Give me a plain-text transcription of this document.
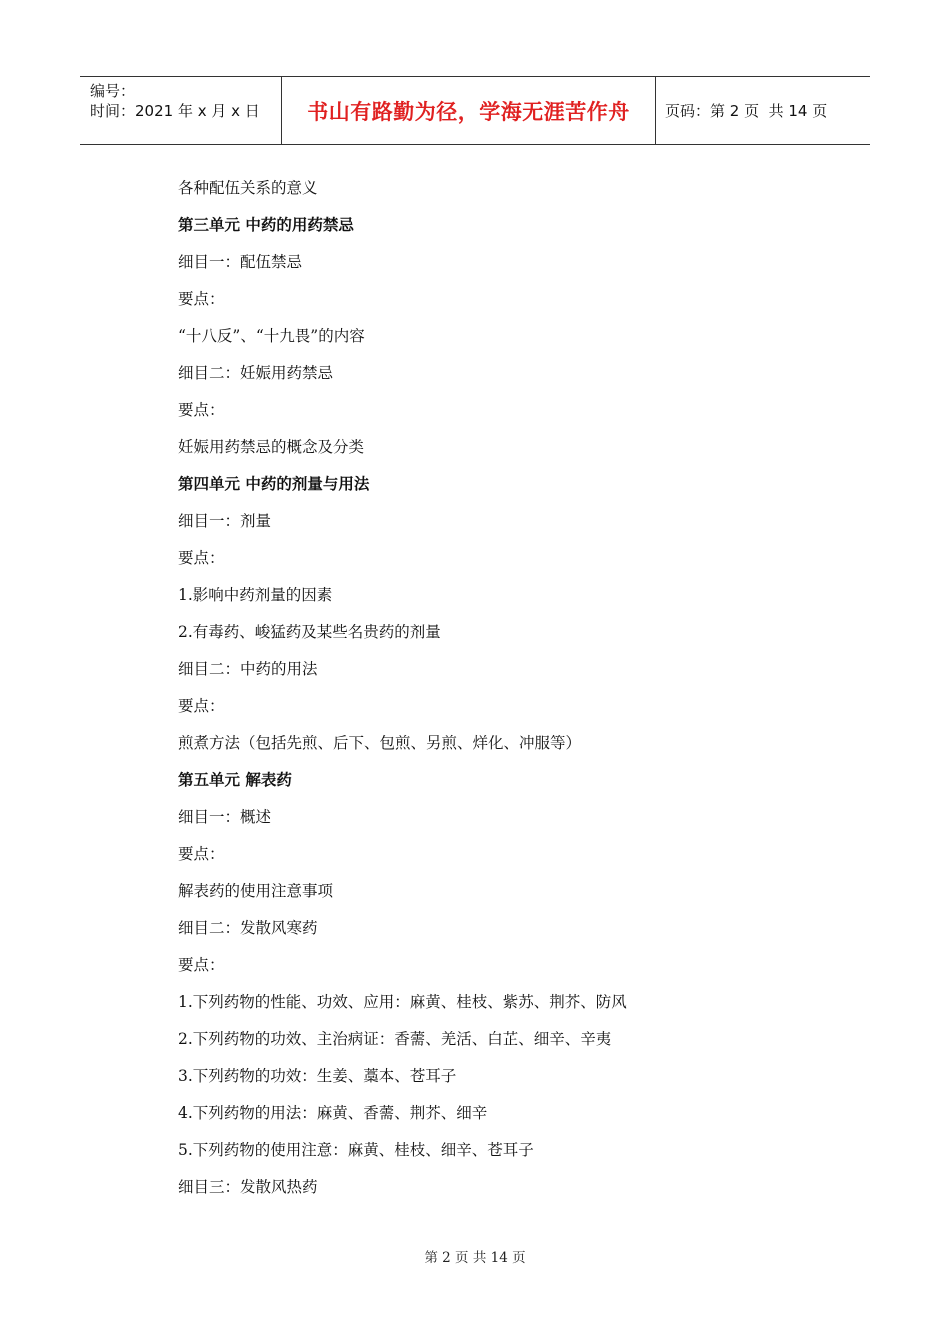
编号：
时间：2021 年 x 月 x 日	书山有路勤为径，学海无涯苦作舟	页码：第 2 页  共 14 页
各种配伍关系的意义
第三单元 中药的用药禁忌
细目一：配伍禁忌
要点：
“十八反”、“十九畏”的内容
细目二：妊娠用药禁忌
要点：
妊娠用药禁忌的概念及分类
第四单元 中药的剂量与用法
细目一：剂量
要点：
1.影响中药剂量的因素
2.有毒药、峻猛药及某些名贵药的剂量
细目二：中药的用法
要点：
煎煮方法（包括先煎、后下、包煎、另煎、烊化、冲服等）
第五单元 解表药
细目一：概述
要点：
解表药的使用注意事项
细目二：发散风寒药
要点：
1.下列药物的性能、功效、应用：麻黄、桂枝、紫苏、荆芥、防风
2.下列药物的功效、主治病证：香薷、羌活、白芷、细辛、辛夷
3.下列药物的功效：生姜、藁本、苍耳子
4.下列药物的用法：麻黄、香薷、荆芥、细辛
5.下列药物的使用注意：麻黄、桂枝、细辛、苍耳子
细目三：发散风热药
第 2 页 共 14 页
